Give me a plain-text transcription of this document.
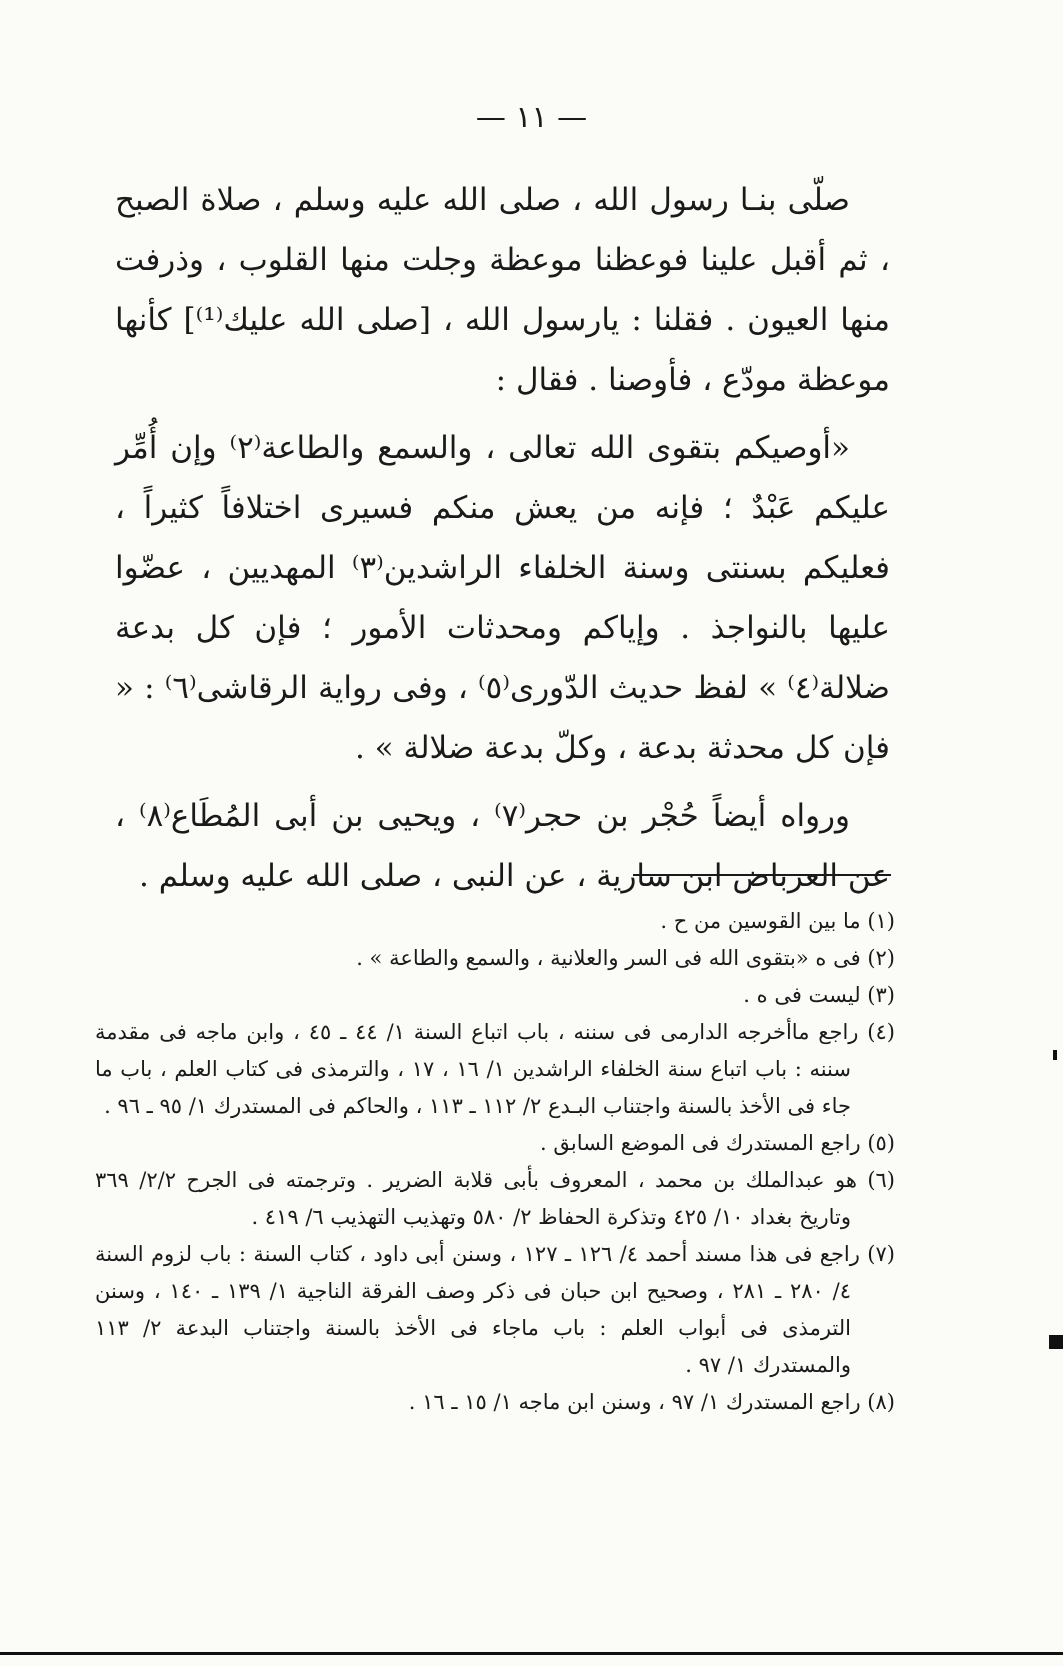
— ١١ —

صلّى بنـا رسول الله ، صلى الله عليه وسلم ، صلاة الصبح ، ثم أقبل علينا فوعظنا موعظة وجلت منها القلوب ، وذرفت منها العيون . فقلنا : يارسول الله ، [صلى الله عليك⁽¹⁾] كأنها موعظة مودّع ، فأوصنا . فقال :

«أوصيكم بتقوى الله تعالى ، والسمع والطاعة⁽٢⁾ وإن أُمِّر عليكم عَبْدٌ ؛ فإنه من يعش منكم فسيرى اختلافاً كثيراً ، فعليكم بسنتى وسنة الخلفاء الراشدين⁽٣⁾ المهديين ، عضّوا عليها بالنواجذ . وإياكم ومحدثات الأمور ؛ فإن كل بدعة ضلالة⁽٤⁾ » لفظ حديث الدّورى⁽٥⁾ ، وفى رواية الرقاشى⁽٦⁾ : « فإن كل محدثة بدعة ، وكلّ بدعة ضلالة » .

ورواه أيضاً حُجْر بن حجر⁽٧⁾ ، ويحيى بن أبى المُطَاع⁽٨⁾ ، عن العرباض ابن سارية ، عن النبى ، صلى الله عليه وسلم .

(١) ما بين القوسين من ح .

(٢) فى ه «بتقوى الله فى السر والعلانية ، والسمع والطاعة » .

(٣) ليست فى ه .

(٤) راجع ماأخرجه الدارمى فى سننه ، باب اتباع السنة ١/ ٤٤ ـ ٤٥ ، وابن ماجه فى مقدمة سننه : باب اتباع سنة الخلفاء الراشدين ١/ ١٦ ، ١٧ ، والترمذى فى كتاب العلم ، باب ما جاء فى الأخذ بالسنة واجتناب البـدع ٢/ ١١٢ ـ ١١٣ ، والحاكم فى المستدرك ١/ ٩٥ ـ ٩٦ .

(٥) راجع المستدرك فى الموضع السابق .

(٦) هو عبدالملك بن محمد ، المعروف بأبى قلابة الضرير . وترجمته فى الجرح ٢/٢/ ٣٦٩ وتاريخ بغداد ١٠/ ٤٢٥ وتذكرة الحفاظ ٢/ ٥٨٠ وتهذيب التهذيب ٦/ ٤١٩ .

(٧) راجع فى هذا مسند أحمد ٤/ ١٢٦ ـ ١٢٧ ، وسنن أبى داود ، كتاب السنة : باب لزوم السنة ٤/ ٢٨٠ ـ ٢٨١ ، وصحيح ابن حبان فى ذكر وصف الفرقة الناجية ١/ ١٣٩ ـ ١٤٠ ، وسنن الترمذى فى أبواب العلم : باب ماجاء فى الأخذ بالسنة واجتناب البدعة ٢/ ١١٣ والمستدرك ١/ ٩٧ .

(٨) راجع المستدرك ١/ ٩٧ ، وسنن ابن ماجه ١/ ١٥ ـ ١٦ .
